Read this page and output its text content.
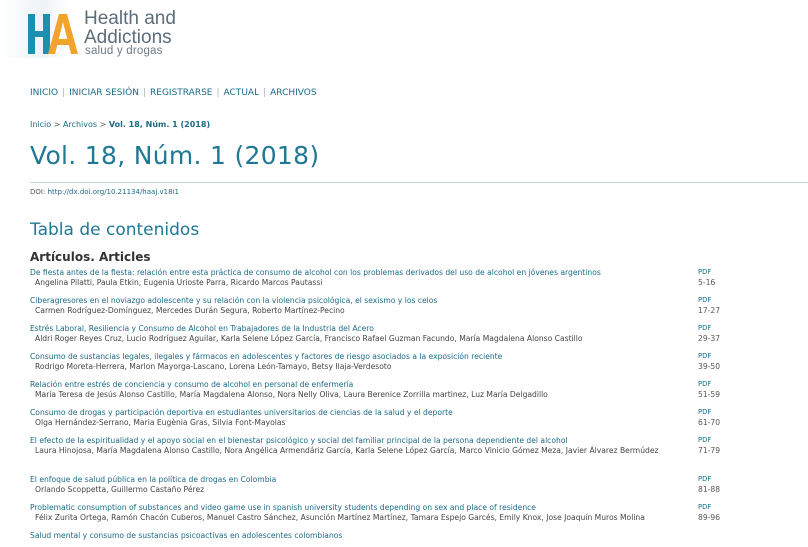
Health and
Addictions
salud y drogas
INICIO | INICIAR SESIÓN | REGISTRARSE | ACTUAL | ARCHIVOS
Inicio > Archivos > Vol. 18, Núm. 1 (2018)
Vol. 18, Núm. 1 (2018)
DOI: http://dx.doi.org/10.21134/haaj.v18i1
Tabla de contenidos
Artículos. Articles
De fiesta antes de la fiesta: relación entre esta práctica de consumo de alcohol con los problemas derivados del uso de alcohol en jóvenes argentinos
Angelina Pilatti, Paula Etkin, Eugenia Urioste Parra, Ricardo Marcos Pautassi
PDF
5-16
Ciberagresores en el noviazgo adolescente y su relación con la violencia psicológica, el sexismo y los celos
Carmen Rodríguez-Domínguez, Mercedes Durán Segura, Roberto Martínez-Pecino
PDF
17-27
Estrés Laboral, Resiliencia y Consumo de Alcohol en Trabajadores de la Industria del Acero
Aldri Roger Reyes Cruz, Lucio Rodríguez Aguilar, Karla Selene López García, Francisco Rafael Guzman Facundo, María Magdalena Alonso Castillo
PDF
29-37
Consumo de sustancias legales, ilegales y fármacos en adolescentes y factores de riesgo asociados a la exposición reciente
Rodrigo Moreta-Herrera, Marlon Mayorga-Lascano, Lorena León-Tamayo, Betsy Ilaja-Verdesoto
PDF
39-50
Relación entre estrés de conciencia y consumo de alcohol en personal de enfermería
María Teresa de Jesús Alonso Castillo, María Magdalena Alonso, Nora Nelly Oliva, Laura Berenice Zorrilla martinez, Luz María Delgadillo
PDF
51-59
Consumo de drogas y participación deportiva en estudiantes universitarios de ciencias de la salud y el deporte
Olga Hernández-Serrano, Maria Eugènia Gras, Silvia Font-Mayolas
PDF
61-70
El efecto de la espiritualidad y el apoyo social en el bienestar psicológico y social del familiar principal de la persona dependiente del alcohol
Laura Hinojosa, María Magdalena Alonso Castillo, Nora Angélica Armendáriz García, Karla Selene López García, Marco Vinicio Gómez Meza, Javier Álvarez Bermúdez
PDF
71-79
El enfoque de salud pública en la política de drogas en Colombia
Orlando Scoppetta, Guillermo Castaño Pérez
PDF
81-88
Problematic consumption of substances and video game use in spanish university students depending on sex and place of residence
Félix Zurita Ortega, Ramón Chacón Cuberos, Manuel Castro Sánchez, Asunción Martínez Martínez, Tamara Espejo Garcés, Emily Knox, Jose Joaquín Muros Molina
PDF
89-96
Salud mental y consumo de sustancias psicoactivas en adolescentes colombianos
